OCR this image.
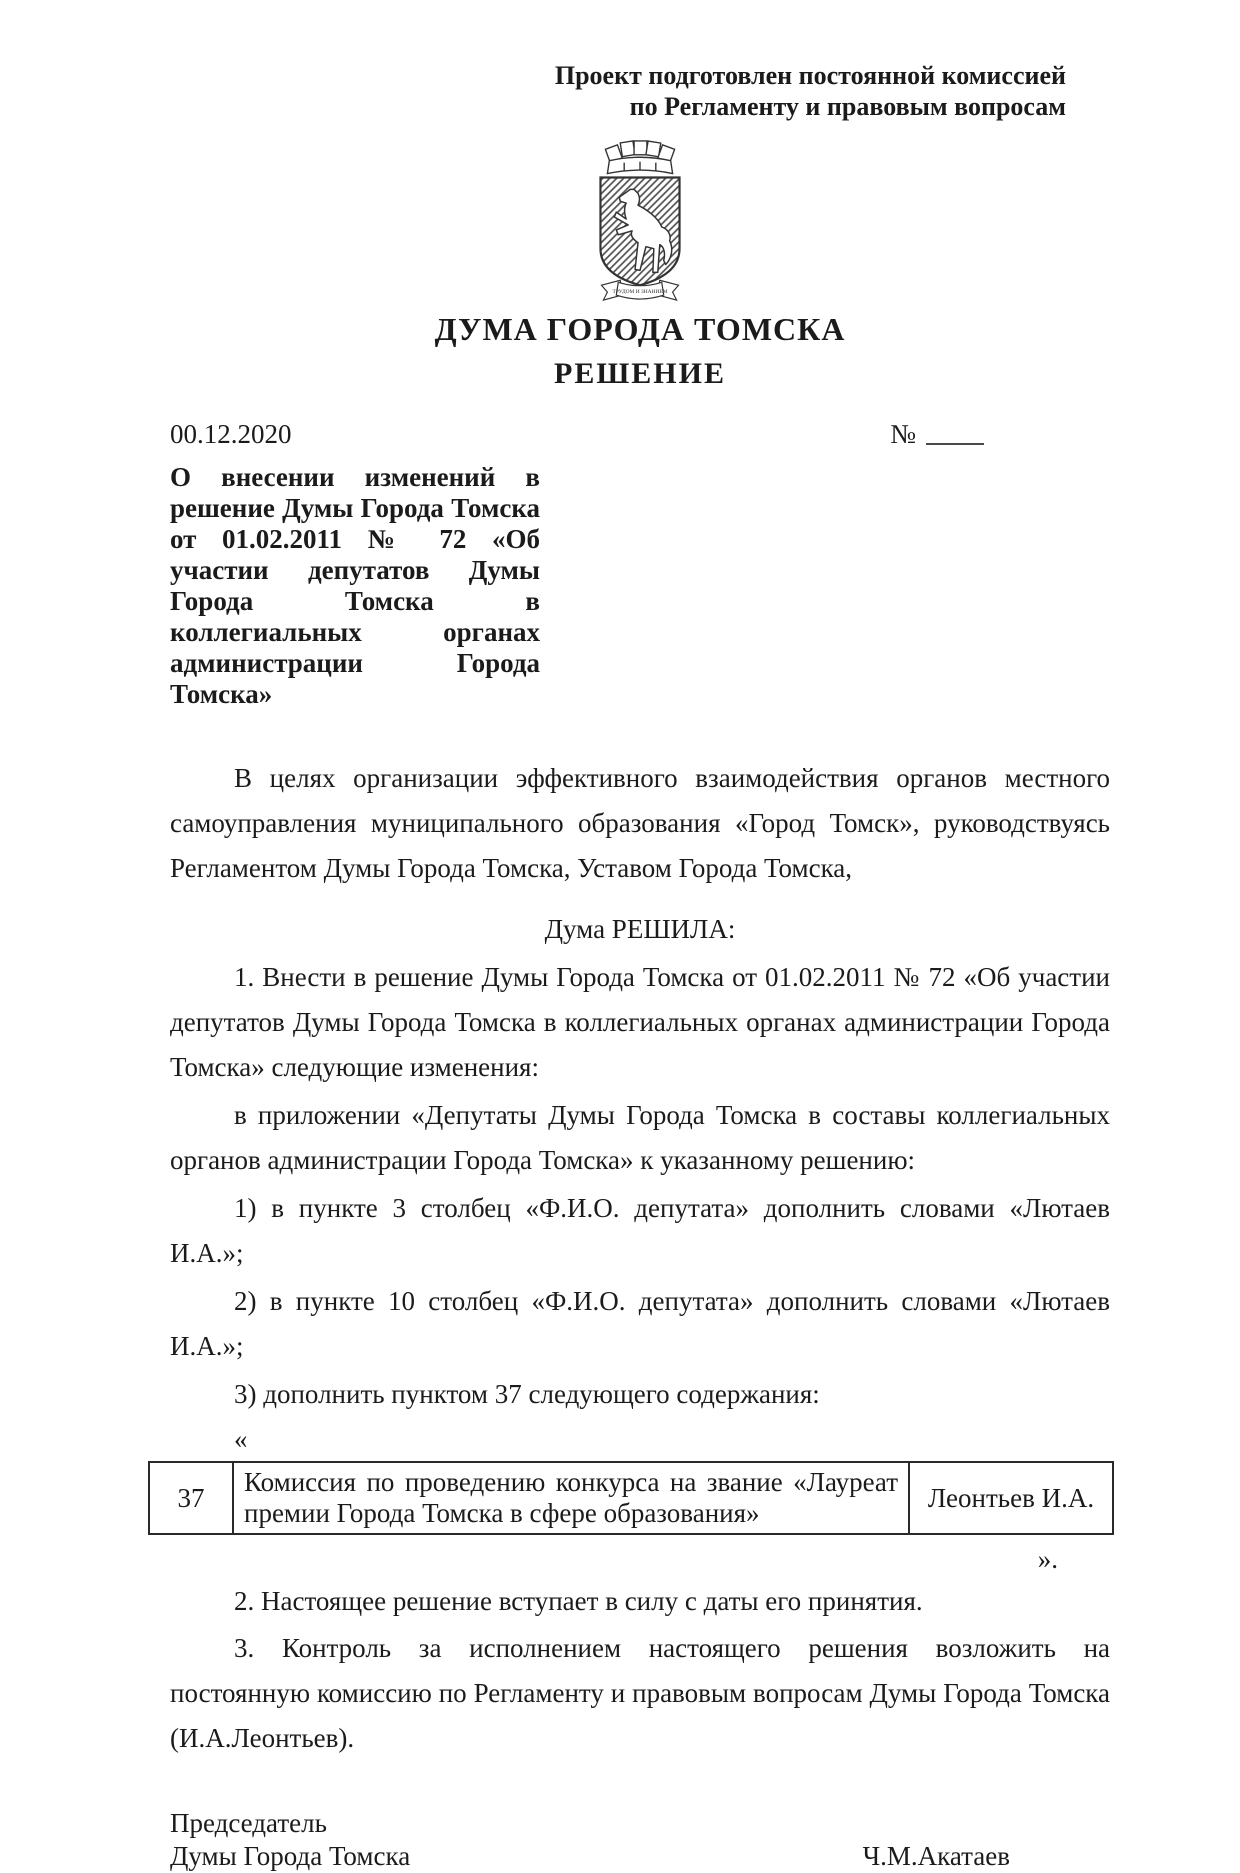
Проект подготовлен постоянной комиссией
по Регламенту и правовым вопросам
ТРУДОМ И ЗНАНИЕМ
ДУМА ГОРОДА ТОМСКА
РЕШЕНИЕ
00.12.2020	№

О внесении изменений в решение Думы Города Томска от 01.02.2011 № 72 «Об участии депутатов Думы Города Томска в коллегиальных органах администрации Города Томска»

В целях организации эффективного взаимодействия органов местного самоуправления муниципального образования «Город Томск», руководствуясь Регламентом Думы Города Томска, Уставом Города Томска,

Дума РЕШИЛА:

1. Внести в решение Думы Города Томска от 01.02.2011 № 72 «Об участии депутатов Думы Города Томска в коллегиальных органах администрации Города Томска» следующие изменения:

в приложении «Депутаты Думы Города Томска в составы коллегиальных органов администрации Города Томска» к указанному решению:

1) в пункте 3 столбец «Ф.И.О. депутата» дополнить словами «Лютаев И.А.»;

2) в пункте 10 столбец «Ф.И.О. депутата» дополнить словами «Лютаев И.А.»;

3) дополнить пунктом 37 следующего содержания:

«

37	Комиссия по проведению конкурса на звание «Лауреат премии Города Томска в сфере образования»	Леонтьев И.А.

».

2. Настоящее решение вступает в силу с даты его принятия.

3. Контроль за исполнением настоящего решения возложить на постоянную комиссию по Регламенту и правовым вопросам Думы Города Томска (И.А.Леонтьев).

Председатель
Думы Города Томска	Ч.М.Акатаев
